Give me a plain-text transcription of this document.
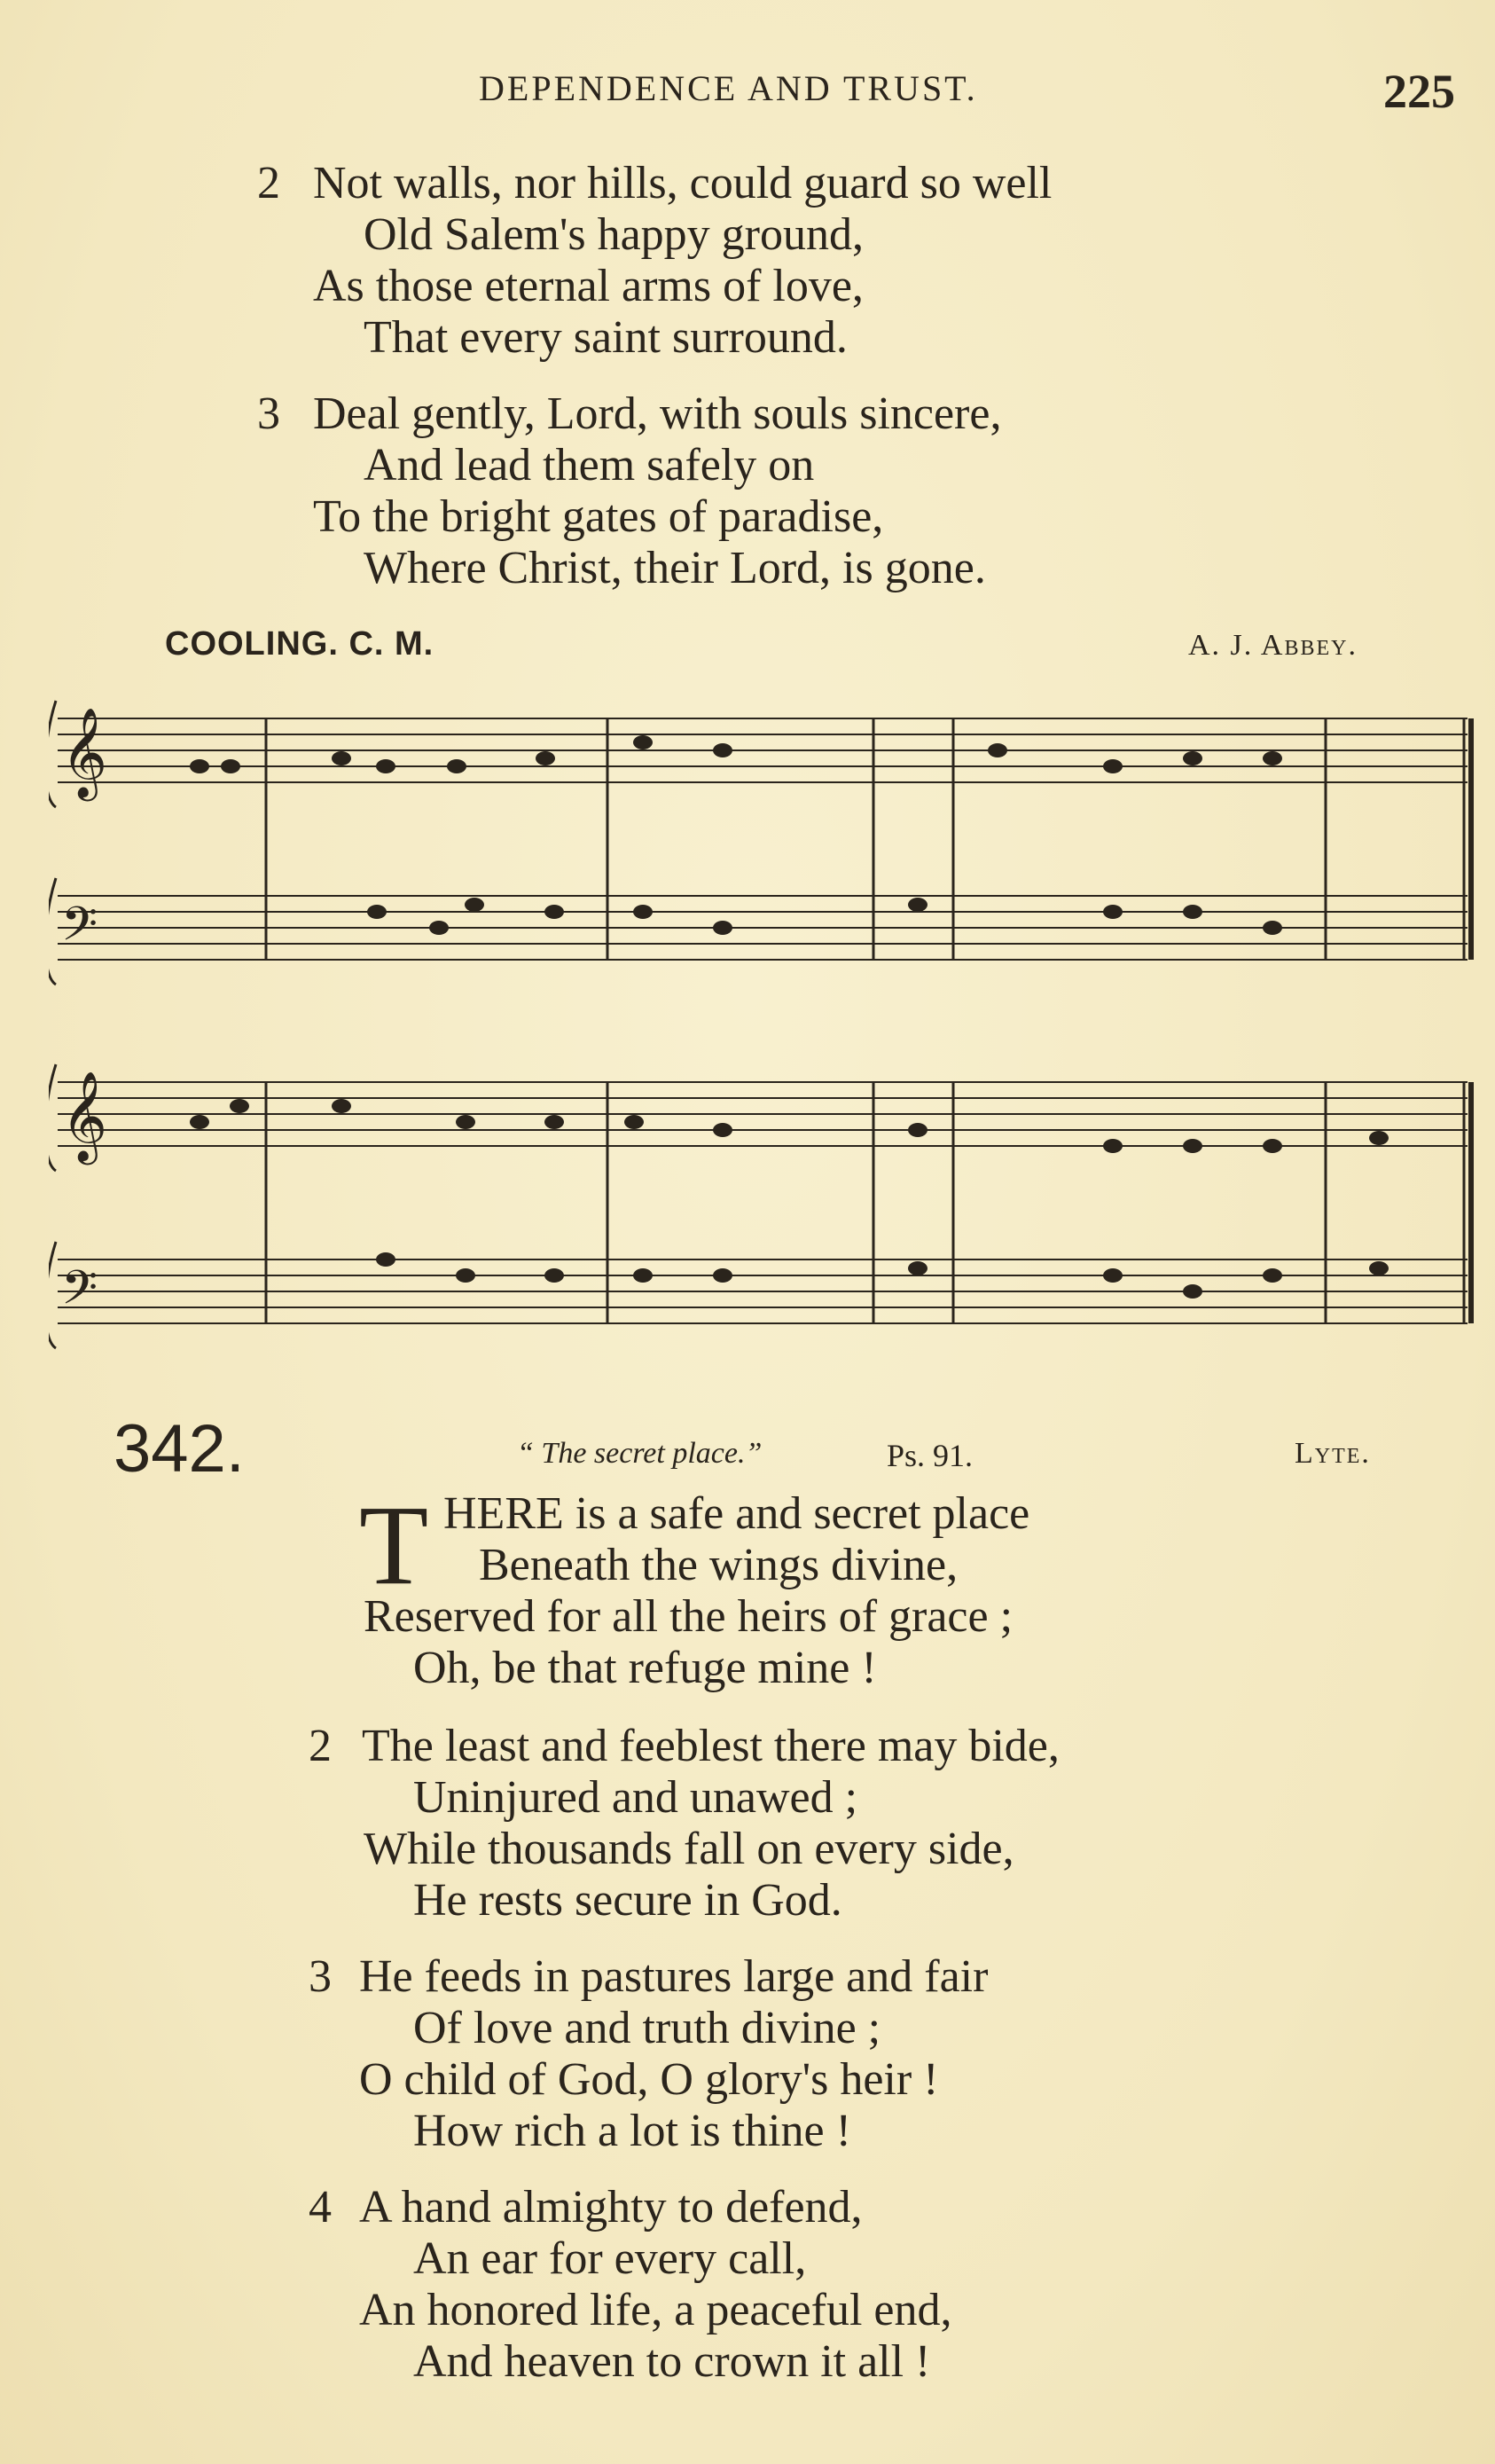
DEPENDENCE AND TRUST.	225
2 Not walls, nor hills, could guard so well
Old Salem's happy ground,
As those eternal arms of love,
That every saint surround.
3 Deal gently, Lord, with souls sincere,
And lead them safely on
To the bright gates of paradise,
Where Christ, their Lord, is gone.
COOLING. C. M.	A. J. Abbey.
𝄞
𝄢
𝄞
𝄢
342.	“ The secret place.”	Ps. 91.	Lyte.
T HERE is a safe and secret place
Beneath the wings divine,
Reserved for all the heirs of grace ;
Oh, be that refuge mine !
2 The least and feeblest there may bide,
Uninjured and unawed ;
While thousands fall on every side,
He rests secure in God.
3 He feeds in pastures large and fair
Of love and truth divine ;
O child of God, O glory's heir !
How rich a lot is thine !
4 A hand almighty to defend,
An ear for every call,
An honored life, a peaceful end,
And heaven to crown it all !
